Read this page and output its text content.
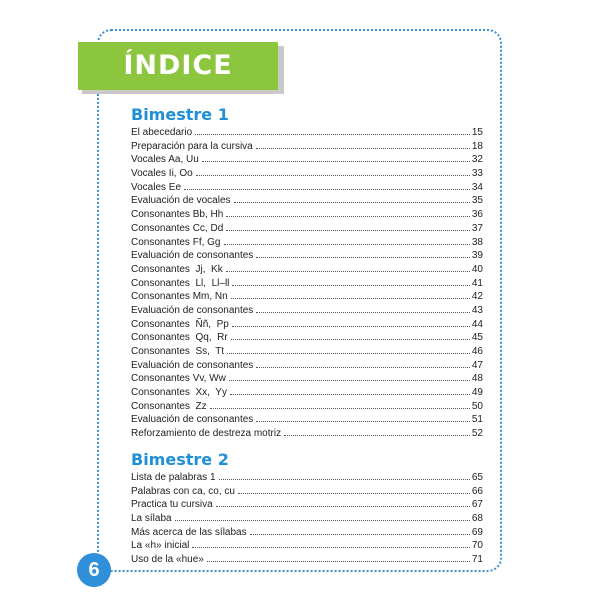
ÍNDICE
Bimestre 1
El abecedario	15
Preparación para la cursiva	18
Vocales Aa, Uu	32
Vocales Ii, Oo	33
Vocales Ee	34
Evaluación de vocales	35
Consonantes Bb, Hh	36
Consonantes Cc, Dd	37
Consonantes Ff, Gg	38
Evaluación de consonantes	39
Consonantes  Jj,  Kk	40
Consonantes  Ll,  Ll–ll	41
Consonantes Mm, Nn	42
Evaluación de consonantes	43
Consonantes  Ññ,  Pp	44
Consonantes  Qq,  Rr	45
Consonantes  Ss,  Tt	46
Evaluación de consonantes	47
Consonantes Vv, Ww	48
Consonantes  Xx,  Yy	49
Consonantes  Zz	50
Evaluación de consonantes	51
Reforzamiento de destreza motriz	52
Bimestre 2
Lista de palabras 1	65
Palabras con ca, co, cu	66
Practica tu cursiva	67
La sílaba	68
Más acerca de las sílabas	69
La «h» inicial	70
Uso de la «hue»	71
6
